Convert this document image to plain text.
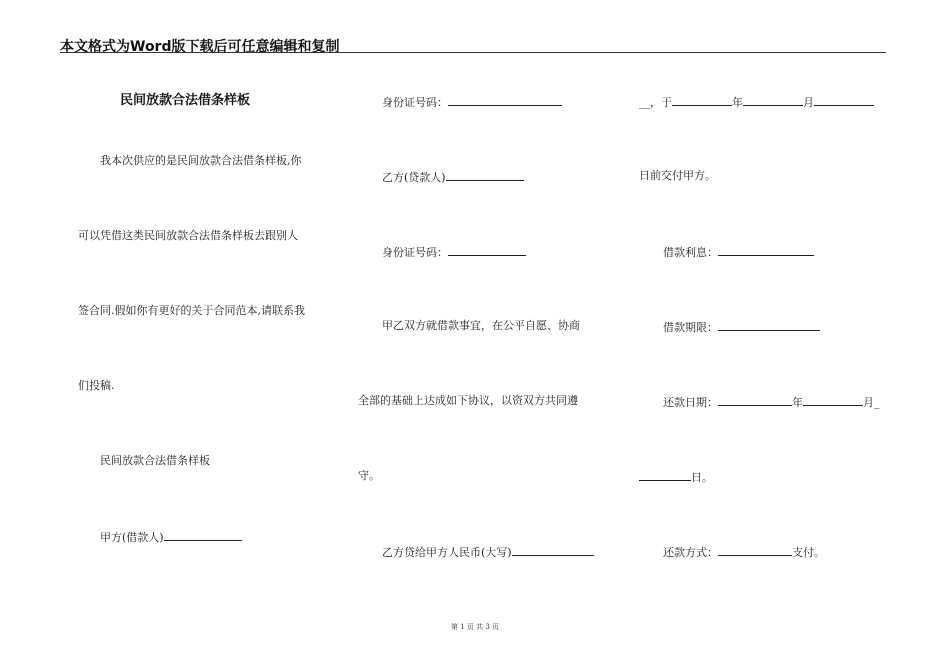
本文格式为Word版下载后可任意编辑和复制
民间放款合法借条样板
我本次供应的是民间放款合法借条样板,你
可以凭借这类民间放款合法借条样板去跟别人
签合同.假如你有更好的关于合同范本,请联系我
们投稿.
民间放款合法借条样板
甲方(借款人)
身份证号码：
乙方(贷款人)
身份证号码：
甲乙双方就借款事宜，在公平自愿、协商
全部的基础上达成如下协议，以资双方共同遵
守。
乙方贷给甲方人民币(大写)
__，于	年	月
日前交付甲方。
借款利息：
借款期限：
还款日期：	年	月_
日。
还款方式：	支付。
第 1 页 共 3 页
